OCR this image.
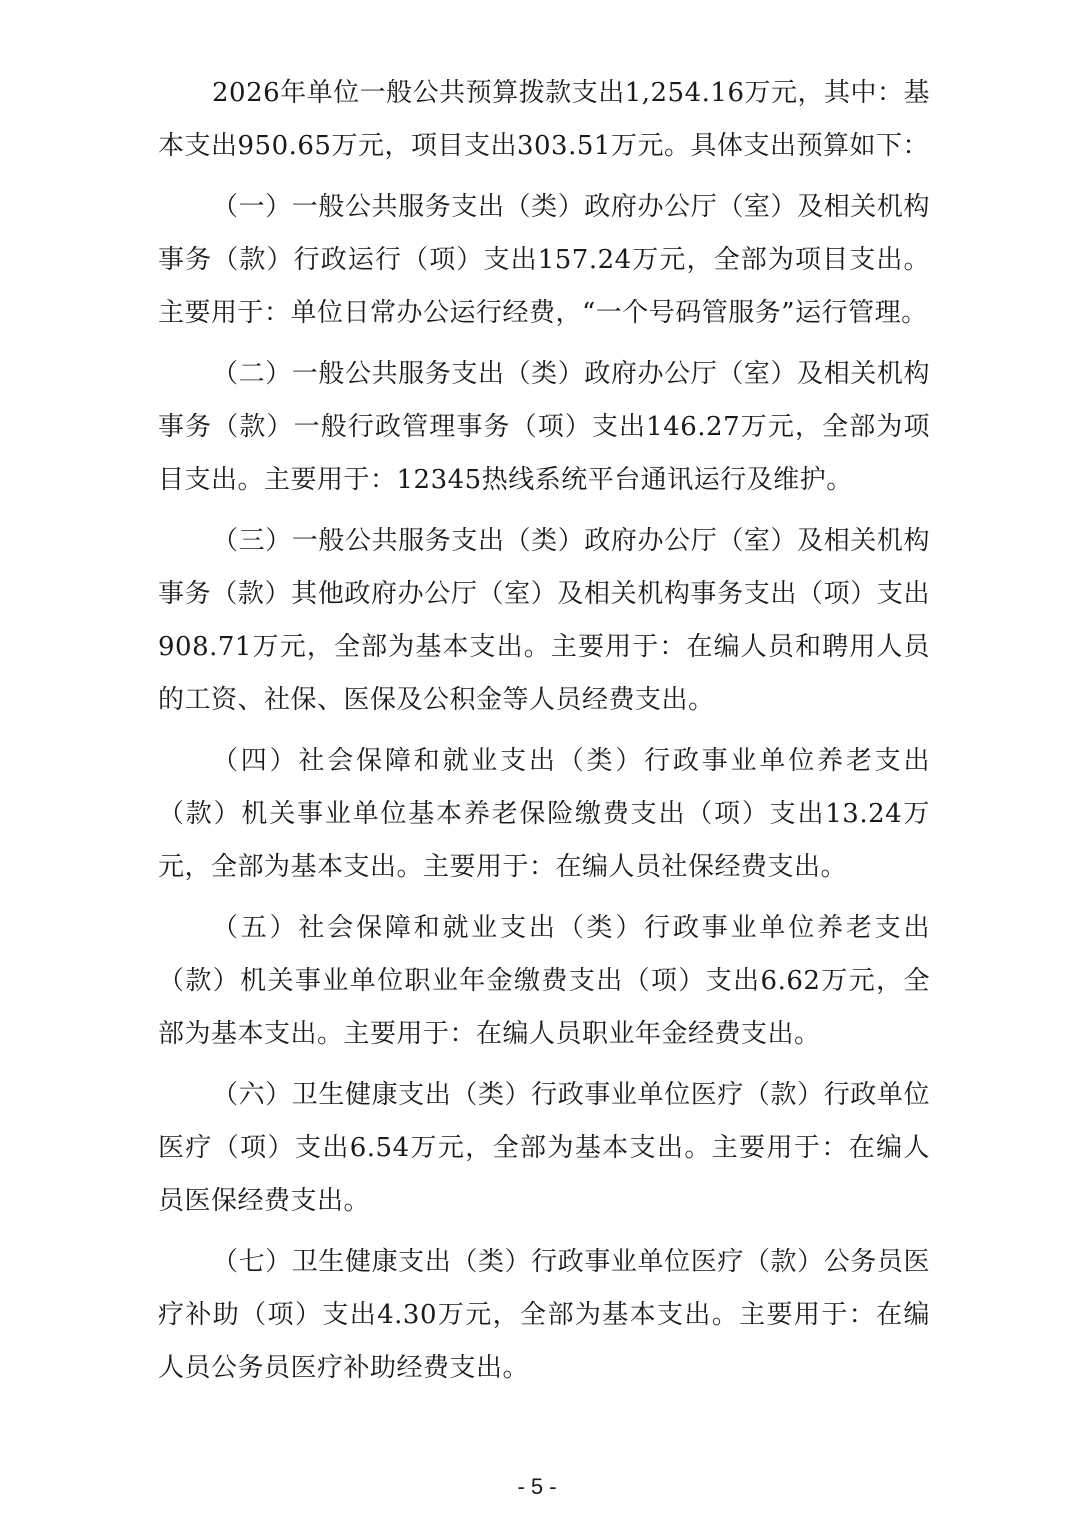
2026年单位一般公共预算拨款支出1,254.16万元，其中：基本支出950.65万元，项目支出303.51万元。具体支出预算如下：

（一）一般公共服务支出（类）政府办公厅（室）及相关机构事务（款）行政运行（项）支出157.24万元，全部为项目支出。主要用于：单位日常办公运行经费，“一个号码管服务”运行管理。

（二）一般公共服务支出（类）政府办公厅（室）及相关机构事务（款）一般行政管理事务（项）支出146.27万元，全部为项目支出。主要用于：12345热线系统平台通讯运行及维护。

（三）一般公共服务支出（类）政府办公厅（室）及相关机构事务（款）其他政府办公厅（室）及相关机构事务支出（项）支出908.71万元，全部为基本支出。主要用于：在编人员和聘用人员的工资、社保、医保及公积金等人员经费支出。

（四）社会保障和就业支出（类）行政事业单位养老支出（款）机关事业单位基本养老保险缴费支出（项）支出13.24万元，全部为基本支出。主要用于：在编人员社保经费支出。

（五）社会保障和就业支出（类）行政事业单位养老支出（款）机关事业单位职业年金缴费支出（项）支出6.62万元，全部为基本支出。主要用于：在编人员职业年金经费支出。

（六）卫生健康支出（类）行政事业单位医疗（款）行政单位医疗（项）支出6.54万元，全部为基本支出。主要用于：在编人员医保经费支出。

（七）卫生健康支出（类）行政事业单位医疗（款）公务员医疗补助（项）支出4.30万元，全部为基本支出。主要用于：在编人员公务员医疗补助经费支出。

- 5 -
